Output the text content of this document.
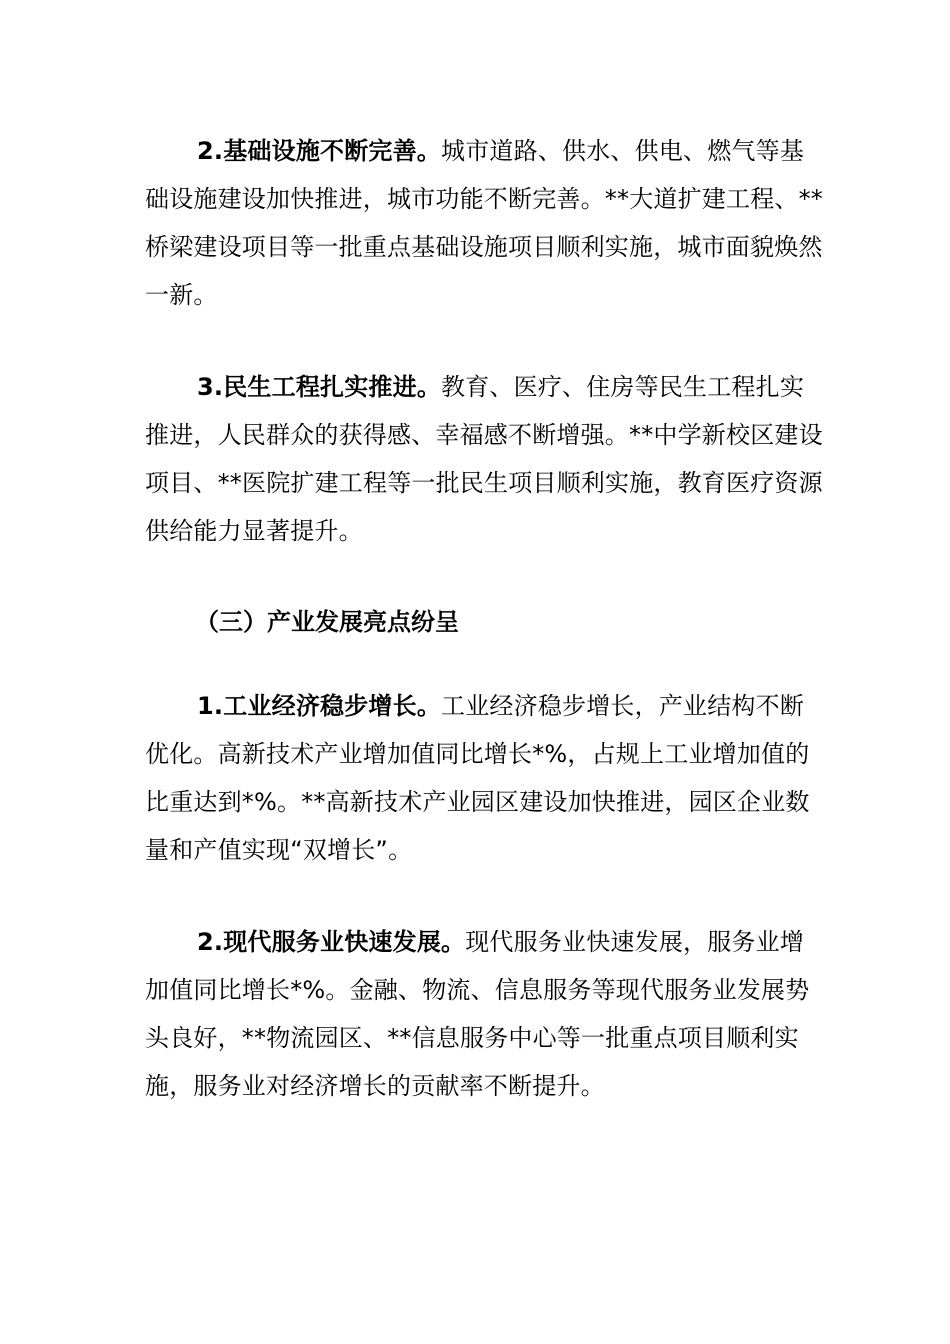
2.基础设施不断完善。城市道路、供水、供电、燃气等基础设施建设加快推进，城市功能不断完善。**大道扩建工程、**桥梁建设项目等一批重点基础设施项目顺利实施，城市面貌焕然一新。

3.民生工程扎实推进。教育、医疗、住房等民生工程扎实推进，人民群众的获得感、幸福感不断增强。**中学新校区建设项目、**医院扩建工程等一批民生项目顺利实施，教育医疗资源供给能力显著提升。

（三）产业发展亮点纷呈

1.工业经济稳步增长。工业经济稳步增长，产业结构不断优化。高新技术产业增加值同比增长*%，占规上工业增加值的比重达到*%。**高新技术产业园区建设加快推进，园区企业数量和产值实现“双增长”。

2.现代服务业快速发展。现代服务业快速发展，服务业增加值同比增长*%。金融、物流、信息服务等现代服务业发展势头良好，**物流园区、**信息服务中心等一批重点项目顺利实施，服务业对经济增长的贡献率不断提升。
